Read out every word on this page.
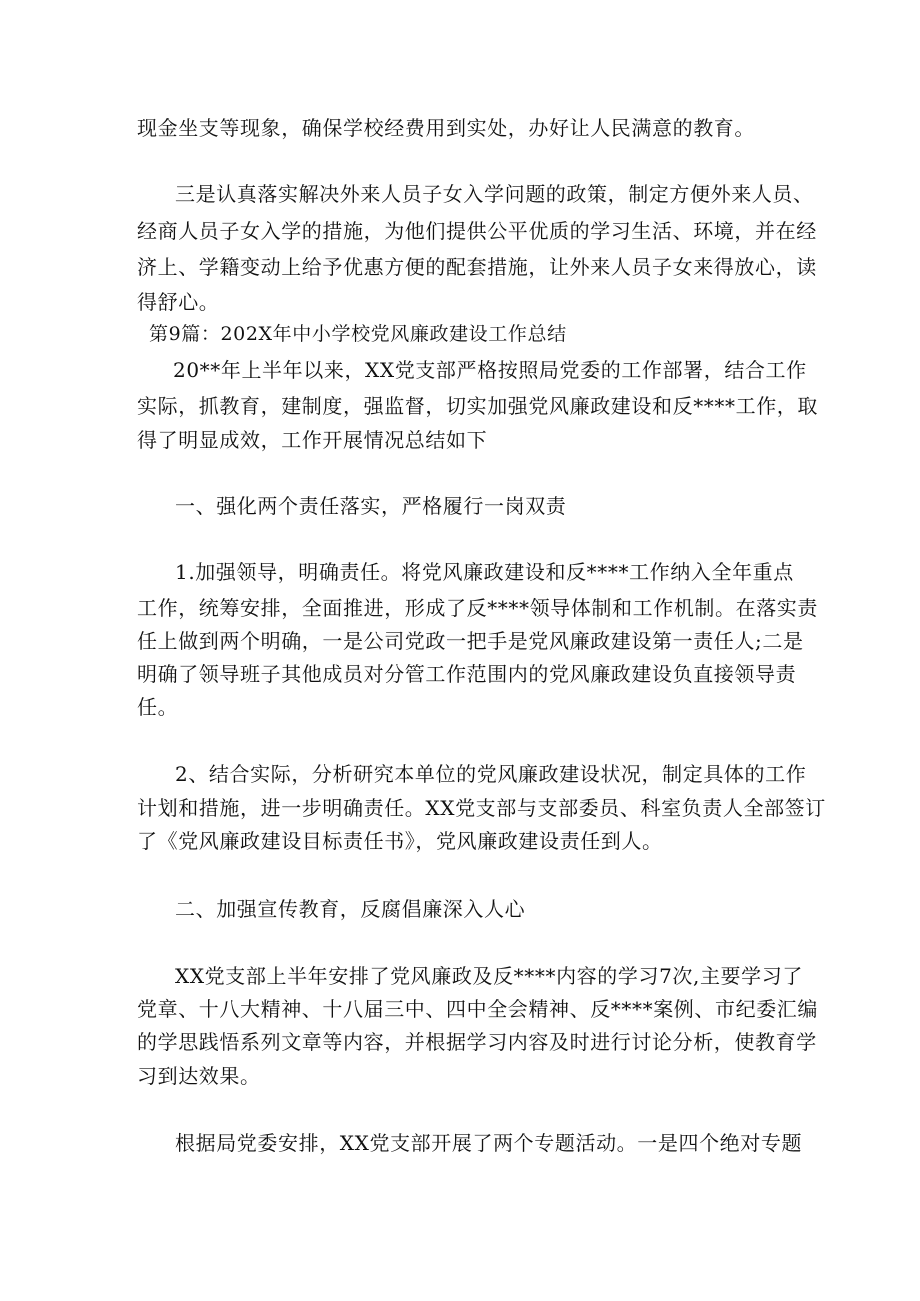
现金坐支等现象，确保学校经费用到实处，办好让人民满意的教育。
三是认真落实解决外来人员子女入学问题的政策，制定方便外来人员、
经商人员子女入学的措施，为他们提供公平优质的学习生活、环境，并在经
济上、学籍变动上给予优惠方便的配套措施，让外来人员子女来得放心，读
得舒心。
第9篇：202X年中小学校党风廉政建设工作总结
20**年上半年以来，XX党支部严格按照局党委的工作部署，结合工作
实际，抓教育，建制度，强监督，切实加强党风廉政建设和反****工作，取
得了明显成效，工作开展情况总结如下
一、强化两个责任落实，严格履行一岗双责
1.加强领导，明确责任。将党风廉政建设和反****工作纳入全年重点
工作，统筹安排，全面推进，形成了反****领导体制和工作机制。在落实责
任上做到两个明确，一是公司党政一把手是党风廉政建设第一责任人;二是
明确了领导班子其他成员对分管工作范围内的党风廉政建设负直接领导责
任。
2、结合实际，分析研究本单位的党风廉政建设状况，制定具体的工作
计划和措施，进一步明确责任。XX党支部与支部委员、科室负责人全部签订
了《党风廉政建设目标责任书》，党风廉政建设责任到人。
二、加强宣传教育，反腐倡廉深入人心
XX党支部上半年安排了党风廉政及反****内容的学习7次,主要学习了
党章、十八大精神、十八届三中、四中全会精神、反****案例、市纪委汇编
的学思践悟系列文章等内容，并根据学习内容及时进行讨论分析，使教育学
习到达效果。
根据局党委安排，XX党支部开展了两个专题活动。一是四个绝对专题
